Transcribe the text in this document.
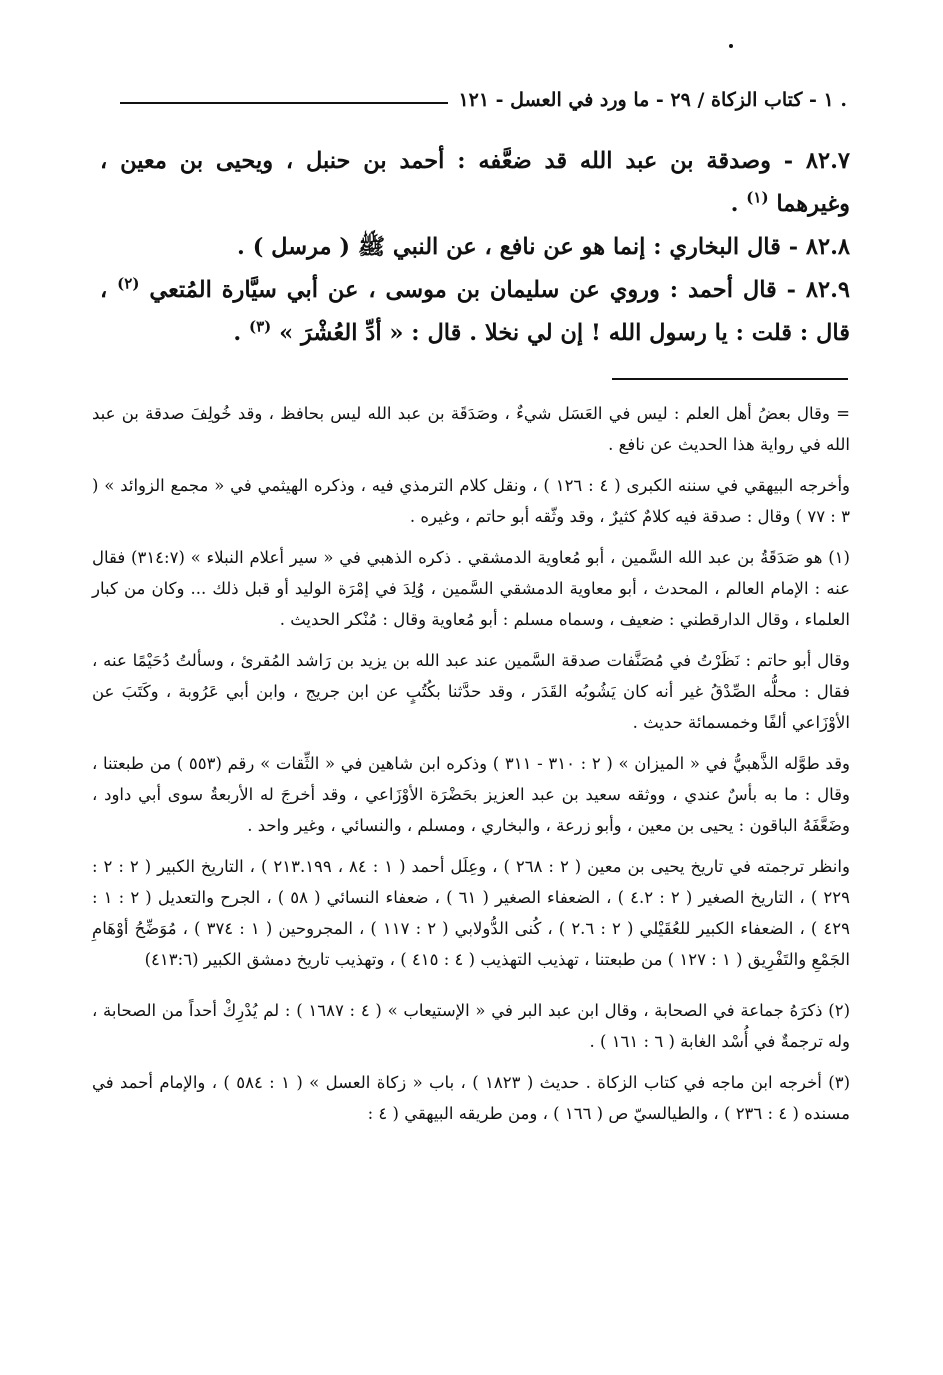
. ١ - كتاب الزكاة / ٢٩ - ما ورد في العسل - ١٢١

٨٢.٧ - وصدقة بن عبد الله قد ضعَّفه : أحمد بن حنبل ، ويحيى بن معين ، وغيرهما $^{(١)}$ .

٨٢.٨ - قال البخاري : إنما هو عن نافع ، عن النبي ﷺ ( مرسل ) .

٨٢.٩ - قال أحمد : وروي عن سليمان بن موسى ، عن أبي سيَّارة المُتعي $^{(٢)}$ ، قال : قلت : يا رسول الله ! إن لي نخلا . قال : « أدِّ العُشْرَ » $^{(٣)}$ .

= وقال بعضُ أهل العلم : ليس في العَسَل شيءٌ ، وصَدَقَة بن عبد الله ليس بحافظ ، وقد خُولِفَ صدقة بن عبد الله في رواية هذا الحديث عن نافع .

وأخرجه البيهقي في سننه الكبرى ( ٤ : ١٢٦ ) ، ونقل كلام الترمذي فيه ، وذكره الهيثمي في « مجمع الزوائد » ( ٣ : ٧٧ ) وقال : صدقة فيه كلامٌ كثيرٌ ، وقد وثّقه أبو حاتم ، وغيره .

(١) هو صَدَقَةُ بن عبد الله السَّمين ، أبو مُعاوية الدمشقي . ذكره الذهبي في « سير أعلام النبلاء » (٣١٤:٧) فقال عنه : الإمام العالم ، المحدث ، أبو معاوية الدمشقي السَّمين ، وُلِدَ في إمْرَة الوليد أو قبل ذلك ... وكان من كبار العلماء ، وقال الدارقطني : ضعيف ، وسماه مسلم : أبو مُعاوية وقال : مُنْكر الحديث .

وقال أبو حاتم : نَظَرْتُ في مُصَنَّفات صدقة السَّمين عند عبد الله بن يزيد بن رَاشد المُقرئ ، وسألتُ دُحَيْمًا عنه ، فقال : محلُّه الصِّدْقُ غير أنه كان يَشُوبُه القَدَر ، وقد حدَّثنا بكُتُبٍ عن ابن جريج ، وابن أبي عَرُوبة ، وكَتَبَ عن الأوْزَاعي ألفًا وخمسمائة حديث .

وقد طوَّله الذَّهبيُّ في « الميزان » ( ٢ : ٣١٠ - ٣١١ ) وذكره ابن شاهين في « الثِّقات » رقم (٥٥٣ ) من طبعتنا ، وقال : ما به بأسٌ عندي ، ووثقه سعيد بن عبد العزيز بحَضْرَة الأوْزَاعي ، وقد أخرجَ له الأربعةُ سوى أبي داود ، وضَعَّفَهُ الباقون : يحيى بن معين ، وأبو زرعة ، والبخاري ، ومسلم ، والنسائي ، وغير واحد .

وانظر ترجمته في تاريخ يحيى بن معين ( ٢ : ٢٦٨ ) ، وعِلَل أحمد ( ١ : ٨٤ ، ٢١٣.١٩٩ ) ، التاريخ الكبير ( ٢ : ٢ : ٢٢٩ ) ، التاريخ الصغير ( ٢ : ٤.٢ ) ، الضعفاء الصغير ( ٦١ ) ، ضعفاء النسائي ( ٥٨ ) ، الجرح والتعديل ( ٢ : ١ : ٤٢٩ ) ، الضعفاء الكبير للعُقَيْلي ( ٢ : ٢.٦ ) ، كُنى الدُّولابي ( ٢ : ١١٧ ) ، المجروحين ( ١ : ٣٧٤ ) ، مُوَضِّحُ أوْهَامِ الجَمْعِ والتَفْرِيق ( ١ : ١٢٧ ) من طبعتنا ، تهذيب التهذيب ( ٤ : ٤١٥ ) ، وتهذيب تاريخ دمشق الكبير (٤١٣:٦)

(٢) ذكرَهُ جماعة في الصحابة ، وقال ابن عبد البر في « الإستيعاب » ( ٤ : ١٦٨٧ ) : لم يُدْرِكْ أحداً من الصحابة ، وله ترجمةٌ في أُسْد الغابة ( ٦ : ١٦١ ) .

(٣) أخرجه ابن ماجه في كتاب الزكاة . حديث ( ١٨٢٣ ) ، باب « زكاة العسل » ( ١ : ٥٨٤ ) ، والإمام أحمد في مسنده ( ٤ : ٢٣٦ ) ، والطيالسيّ ص ( ١٦٦ ) ، ومن طريقه البيهقي ( ٤ :
